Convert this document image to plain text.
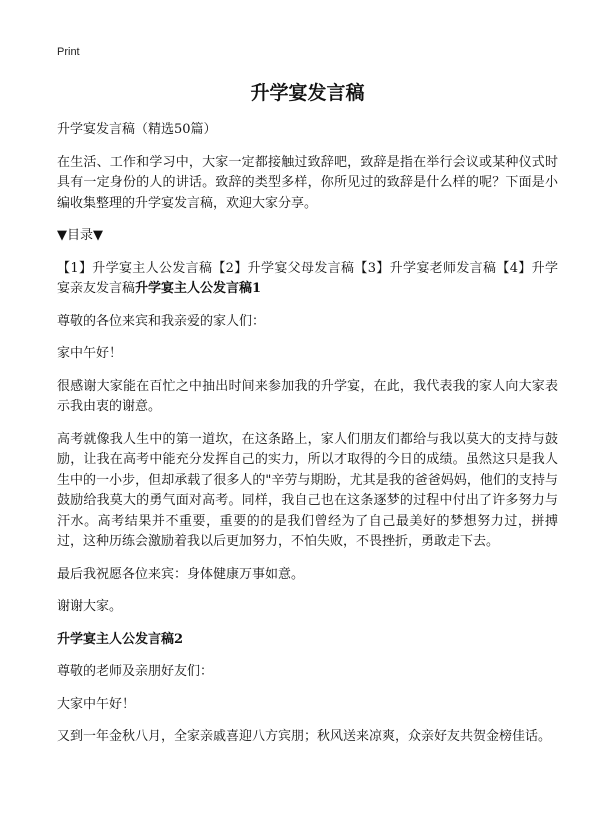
Print
升学宴发言稿

升学宴发言稿（精选50篇）

在生活、工作和学习中，大家一定都接触过致辞吧，致辞是指在举行会议或某种仪式时具有一定身份的人的讲话。致辞的类型多样，你所见过的致辞是什么样的呢？下面是小编收集整理的升学宴发言稿，欢迎大家分享。

▼目录▼

【1】升学宴主人公发言稿【2】升学宴父母发言稿【3】升学宴老师发言稿【4】升学宴亲友发言稿升学宴主人公发言稿1

尊敬的各位来宾和我亲爱的家人们：

家中午好！

很感谢大家能在百忙之中抽出时间来参加我的升学宴，在此，我代表我的家人向大家表示我由衷的谢意。

高考就像我人生中的第一道坎，在这条路上，家人们朋友们都给与我以莫大的支持与鼓励，让我在高考中能充分发挥自己的实力，所以才取得的今日的成绩。虽然这只是我人生中的一小步，但却承载了很多人的"辛劳与期盼，尤其是我的爸爸妈妈，他们的支持与鼓励给我莫大的勇气面对高考。同样，我自己也在这条逐梦的过程中付出了许多努力与汗水。高考结果并不重要，重要的的是我们曾经为了自己最美好的梦想努力过，拼搏过，这种历练会激励着我以后更加努力，不怕失败，不畏挫折，勇敢走下去。

最后我祝愿各位来宾：身体健康万事如意。

谢谢大家。

升学宴主人公发言稿2

尊敬的老师及亲朋好友们：

大家中午好！

又到一年金秋八月，全家亲戚喜迎八方宾朋；秋风送来凉爽，众亲好友共贺金榜佳话。
